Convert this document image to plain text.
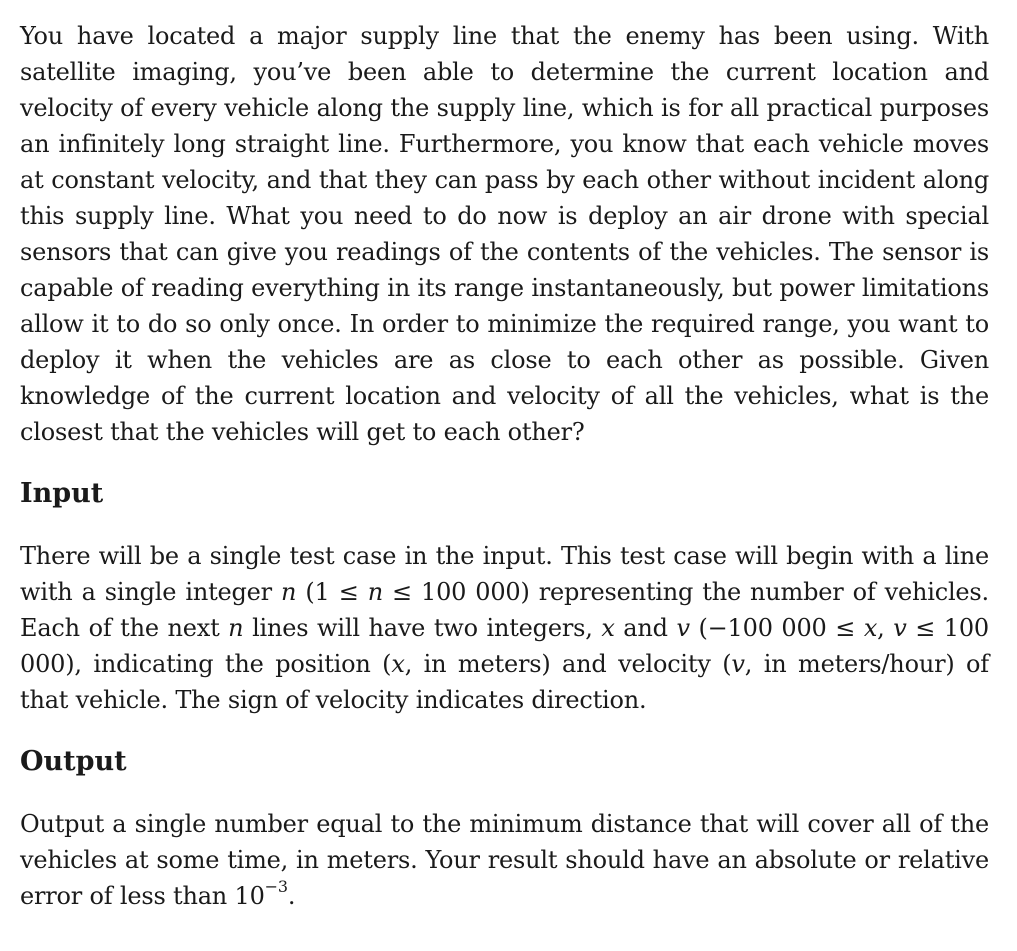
You have located a major supply line that the enemy has been using. With satellite imaging, you’ve been able to determine the current location and velocity of every vehicle along the supply line, which is for all practical purposes an infinitely long straight line. Furthermore, you know that each vehicle moves at constant velocity, and that they can pass by each other without incident along this supply line. What you need to do now is deploy an air drone with special sensors that can give you readings of the contents of the vehicles. The sensor is capable of reading everything in its range instantaneously, but power limitations allow it to do so only once. In order to minimize the required range, you want to deploy it when the vehicles are as close to each other as possible. Given knowledge of the current location and velocity of all the vehicles, what is the closest that the vehicles will get to each other?

Input

There will be a single test case in the input. This test case will begin with a line with a single integer n (1 ≤ n ≤ 100 000) representing the number of vehicles. Each of the next n lines will have two integers, x and v (−100 000 ≤ x, v ≤ 100 000), indicating the position (x, in meters) and velocity (v, in meters/hour) of that vehicle. The sign of velocity indicates direction.

Output

Output a single number equal to the minimum distance that will cover all of the vehicles at some time, in meters. Your result should have an absolute or relative error of less than $10^{-3}$.
